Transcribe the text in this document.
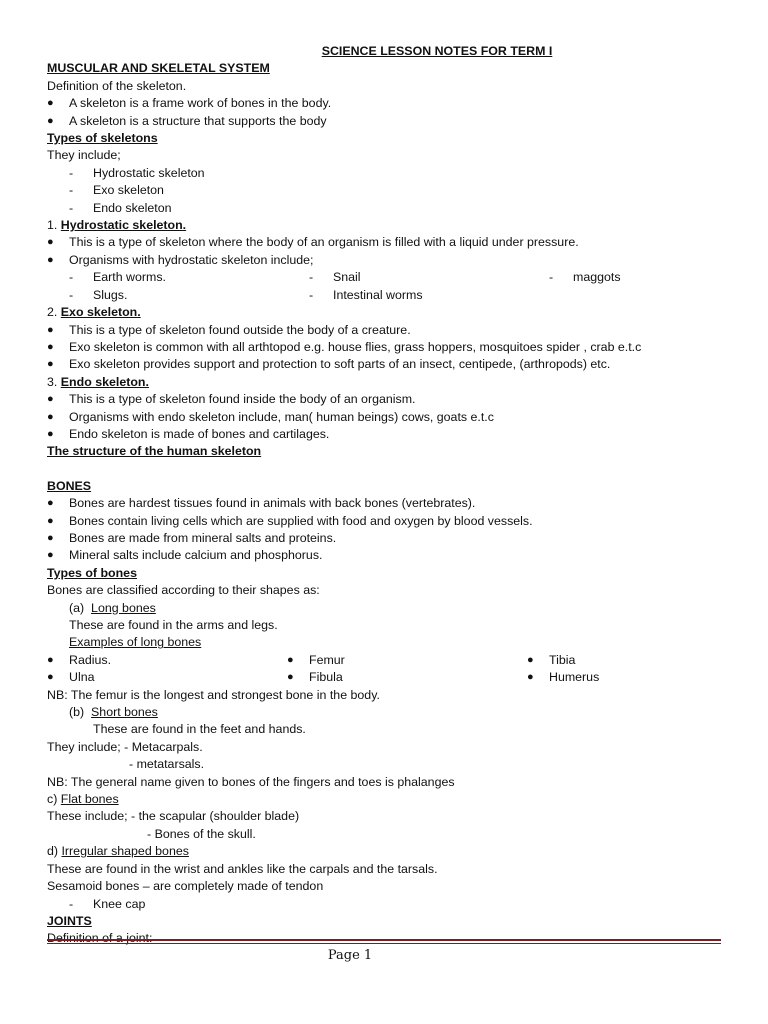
SCIENCE LESSON NOTES FOR TERM I
MUSCULAR AND SKELETAL SYSTEM
Definition of the skeleton.
●	A skeleton is a frame work of bones in the body.
●	A skeleton is a structure that supports the body
Types of skeletons
They include;
-	Hydrostatic skeleton
-	Exo skeleton
-	Endo skeleton
1. Hydrostatic skeleton.
●	This is a type of skeleton where the body of an organism is filled with a liquid under pressure.
●	Organisms with hydrostatic skeleton include;
-	Earth worms.	-	Snail	-	maggots
-	Slugs.	-	Intestinal worms
2. Exo skeleton.
●	This is a type of skeleton found outside the body of a creature.
●	Exo skeleton is common with all arthtopod e.g. house flies, grass hoppers, mosquitoes spider , crab e.t.c
●	Exo skeleton provides support and protection to soft parts of an insect, centipede, (arthropods) etc.
3. Endo skeleton.
●	This is a type of skeleton found inside the body of an organism.
●	Organisms with endo skeleton include, man( human beings) cows, goats e.t.c
●	Endo skeleton is made of bones and cartilages.
The structure of the human skeleton
BONES
●	Bones are hardest tissues found in animals with back bones (vertebrates).
●	Bones contain living cells which are supplied with food and oxygen by blood vessels.
●	Bones are made from mineral salts and proteins.
●	Mineral salts include calcium and phosphorus.
Types of bones
Bones are classified according to their shapes as:
(a) Long bones
These are found in the arms and legs.
Examples of long bones
●	Radius.	●	Femur	●	Tibia
●	Ulna	●	Fibula	●	Humerus
NB: The femur is the longest and strongest bone in the body.
(b) Short bones
These are found in the feet and hands.
They include; - Metacarpals.
- metatarsals.
NB: The general name given to bones of the fingers and toes is phalanges
c) Flat bones
These include; - the scapular (shoulder blade)
- Bones of the skull.
d) Irregular shaped bones
These are found in the wrist and ankles like the carpals and the tarsals.
Sesamoid bones – are completely made of tendon
-	Knee cap
JOINTS
Definition of a joint:
Page 1
